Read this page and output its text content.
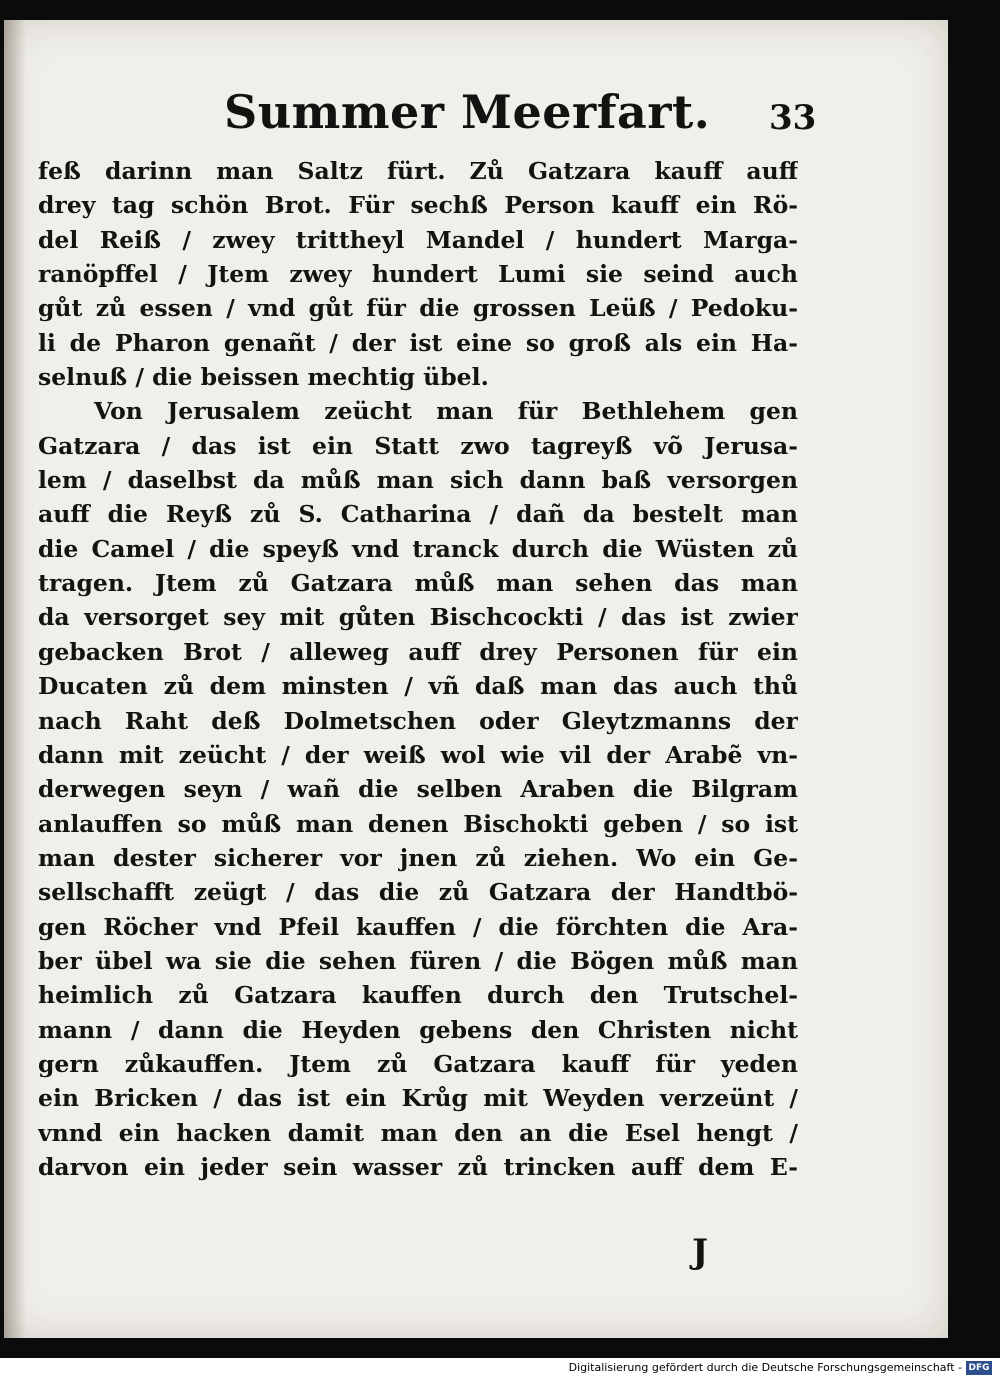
Summer Meerfart. 33
feß darinn man Saltz fürt. Zů Gatzara kauff auff
drey tag schön Brot. Für sechß Person kauff ein Rö-
del Reiß / zwey trittheyl Mandel / hundert Marga-
ranöpffel / Jtem zwey hundert Lumi sie seind auch
gůt zů essen / vnd gůt für die grossen Leüß / Pedoku-
li de Pharon genañt / der ist eine so groß als ein Ha-
selnuß / die beissen mechtig übel.
Von Jerusalem zeücht man für Bethlehem gen
Gatzara / das ist ein Statt zwo tagreyß võ Jerusa-
lem / daselbst da můß man sich dann baß versorgen
auff die Reyß zů S. Catharina / dañ da bestelt man
die Camel / die speyß vnd tranck durch die Wüsten zů
tragen. Jtem zů Gatzara můß man sehen das man
da versorget sey mit gůten Bischcockti / das ist zwier
gebacken Brot / alleweg auff drey Personen für ein
Ducaten zů dem minsten / vñ daß man das auch thů
nach Raht deß Dolmetschen oder Gleytzmanns der
dann mit zeücht / der weiß wol wie vil der Arabẽ vn-
derwegen seyn / wañ die selben Araben die Bilgram
anlauffen so můß man denen Bischokti geben / so ist
man dester sicherer vor jnen zů ziehen. Wo ein Ge-
sellschafft zeügt / das die zů Gatzara der Handtbö-
gen Röcher vnd Pfeil kauffen / die förchten die Ara-
ber übel wa sie die sehen füren / die Bögen můß man
heimlich zů Gatzara kauffen durch den Trutschel-
mann / dann die Heyden gebens den Christen nicht
gern zůkauffen. Jtem zů Gatzara kauff für yeden
ein Bricken / das ist ein Krůg mit Weyden verzeünt /
vnnd ein hacken damit man den an die Esel hengt /
darvon ein jeder sein wasser zů trincken auff dem E-
J
Digitalisierung gefördert durch die Deutsche Forschungsgemeinschaft - DFG
